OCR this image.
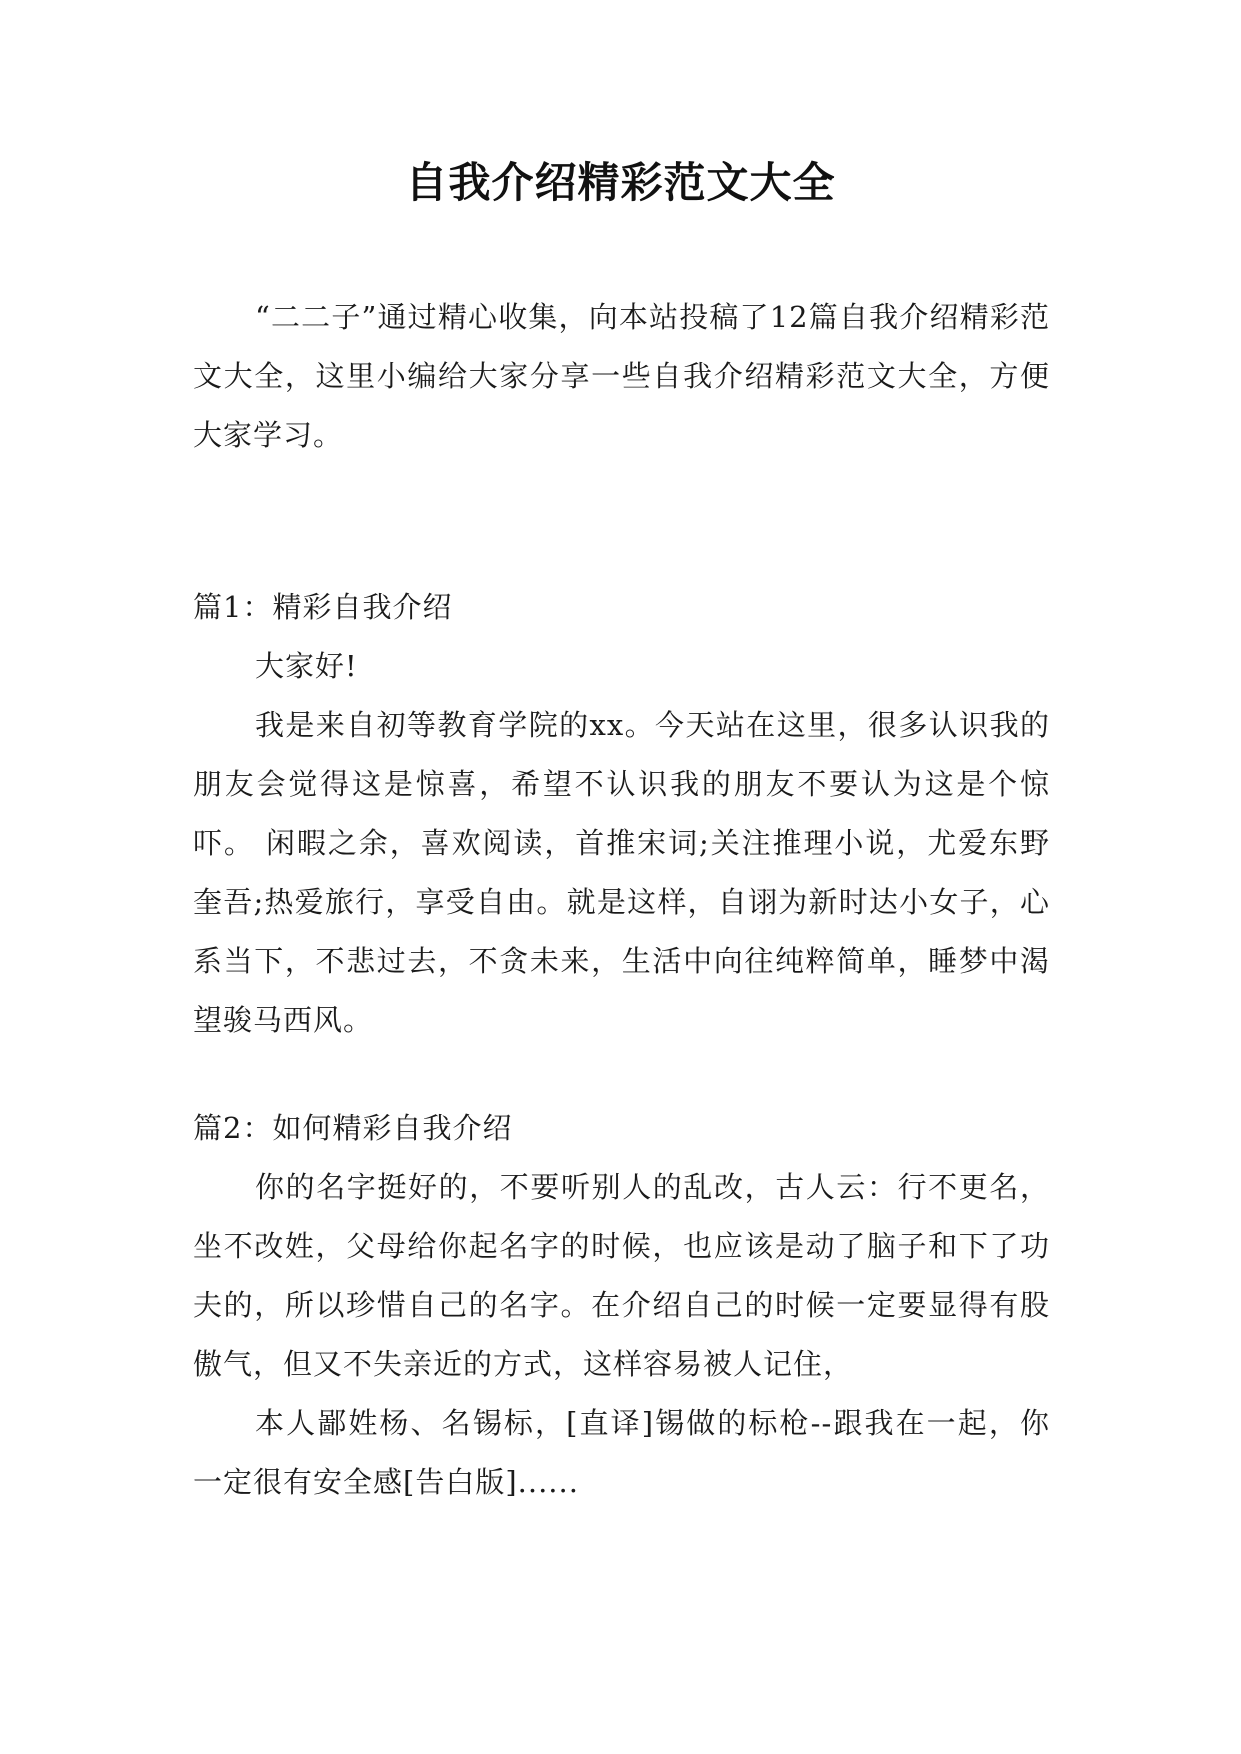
自我介绍精彩范文大全

“二二子”通过精心收集，向本站投稿了12篇自我介绍精彩范文大全，这里小编给大家分享一些自我介绍精彩范文大全，方便大家学习。

篇1：精彩自我介绍

大家好!

我是来自初等教育学院的xx。今天站在这里，很多认识我的朋友会觉得这是惊喜，希望不认识我的朋友不要认为这是个惊吓。 闲暇之余，喜欢阅读，首推宋词;关注推理小说，尤爱东野奎吾;热爱旅行，享受自由。就是这样，自诩为新时达小女子，心系当下，不悲过去，不贪未来，生活中向往纯粹简单，睡梦中渴望骏马西风。

篇2：如何精彩自我介绍

你的名字挺好的，不要听别人的乱改，古人云：行不更名，坐不改姓，父母给你起名字的时候，也应该是动了脑子和下了功夫的，所以珍惜自己的名字。在介绍自己的时候一定要显得有股傲气，但又不失亲近的方式，这样容易被人记住，

本人鄙姓杨、名锡标，[直译]锡做的标枪--跟我在一起，你一定很有安全感[告白版]......
